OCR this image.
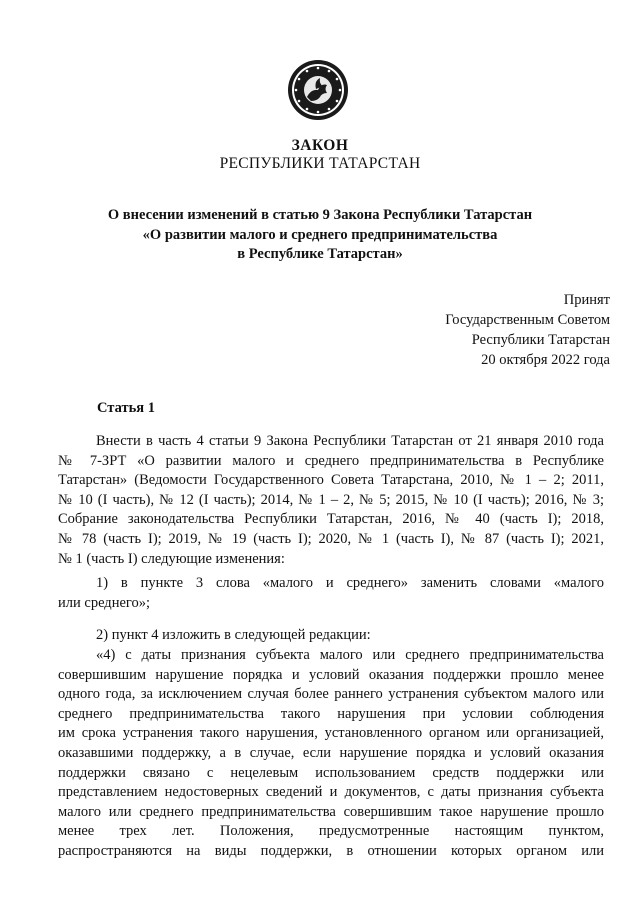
ЗАКОН
РЕСПУБЛИКИ ТАТАРСТАН
О внесении изменений в статью 9 Закона Республики Татарстан
«О развитии малого и среднего предпринимательства
в Республике Татарстан»
Принят
Государственным Советом
Республики Татарстан
20 октября 2022 года
Статья 1
Внести в часть 4 статьи 9 Закона Республики Татарстан от 21 января 2010 года
№ 7-ЗРТ «О развитии малого и среднего предпринимательства в Республике
Татарстан» (Ведомости Государственного Совета Татарстана, 2010, № 1 – 2; 2011,
№ 10 (I часть), № 12 (I часть); 2014, № 1 – 2, № 5; 2015, № 10 (I часть); 2016, № 3;
Собрание законодательства Республики Татарстан, 2016, № 40 (часть I); 2018,
№ 78 (часть I); 2019, № 19 (часть I); 2020, № 1 (часть I), № 87 (часть I); 2021,
№ 1 (часть I) следующие изменения:
1) в пункте 3 слова «малого и среднего» заменить словами «малого
или среднего»;
2) пункт 4 изложить в следующей редакции:
«4) с даты признания субъекта малого или среднего предпринимательства
совершившим нарушение порядка и условий оказания поддержки прошло менее
одного года, за исключением случая более раннего устранения субъектом малого или
среднего предпринимательства такого нарушения при условии соблюдения
им срока устранения такого нарушения, установленного органом или организацией,
оказавшими поддержку, а в случае, если нарушение порядка и условий оказания
поддержки связано с нецелевым использованием средств поддержки или
представлением недостоверных сведений и документов, с даты признания субъекта
малого или среднего предпринимательства совершившим такое нарушение прошло
менее трех лет. Положения, предусмотренные настоящим пунктом,
распространяются на виды поддержки, в отношении которых органом или
